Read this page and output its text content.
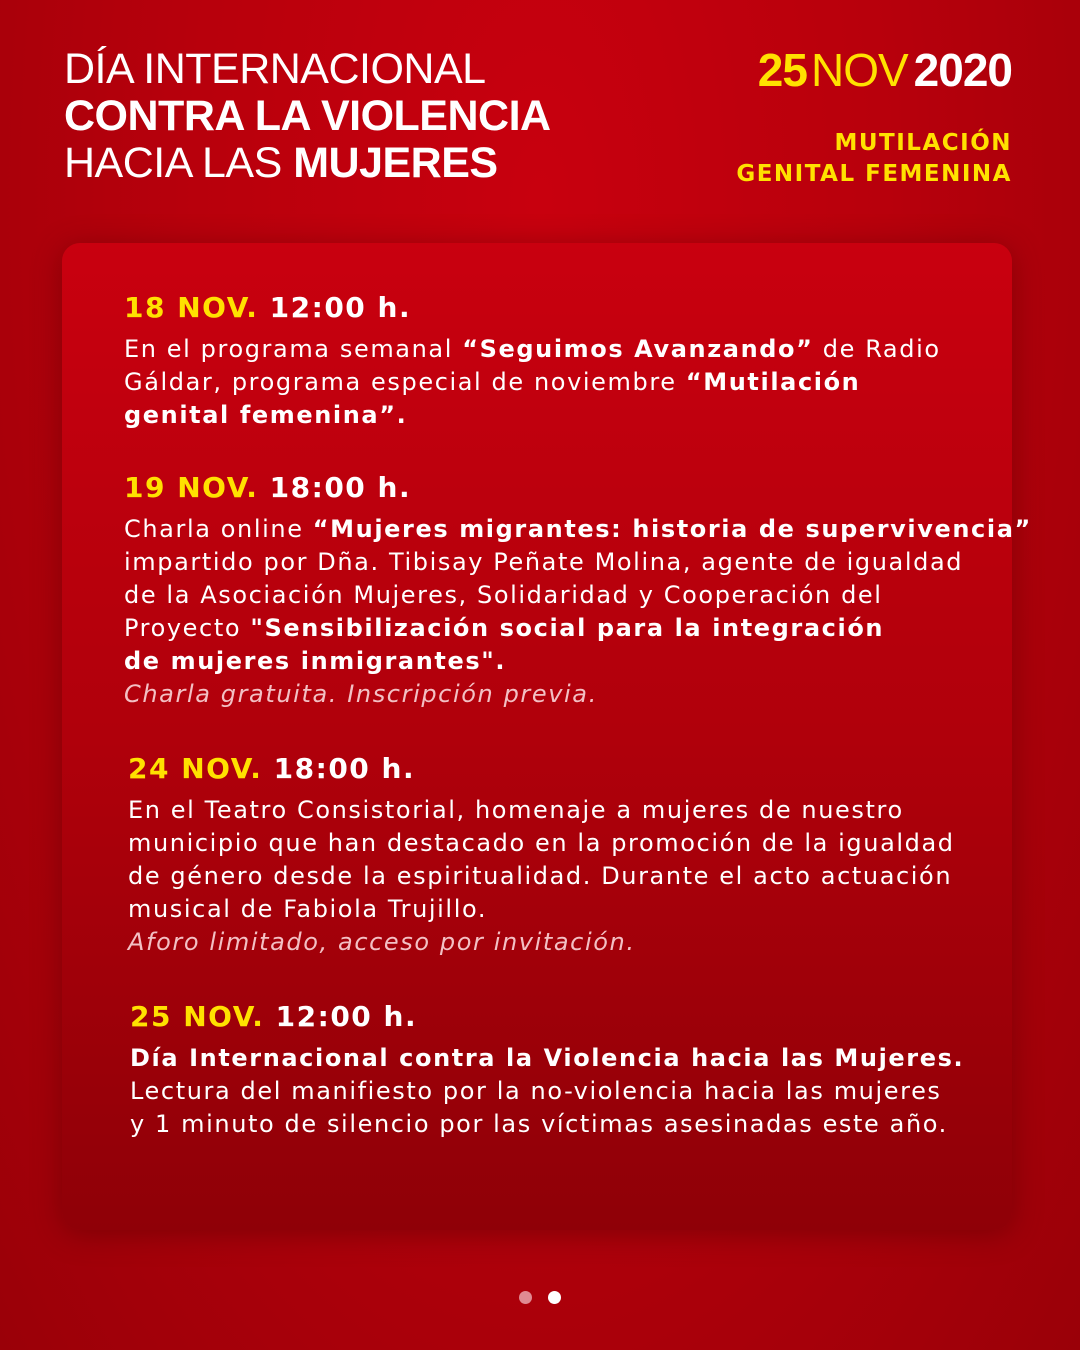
DÍA INTERNACIONAL
CONTRA LA VIOLENCIA
HACIA LAS MUJERES
25NOV 2020
MUTILACIÓN
GENITAL FEMENINA
18 NOV. 12:00 h.
En el programa semanal “Seguimos Avanzando” de Radio
Gáldar, programa especial de noviembre “Mutilación
genital femenina”.
19 NOV. 18:00 h.
Charla online “Mujeres migrantes: historia de supervivencia”
impartido por Dña. Tibisay Peñate Molina, agente de igualdad
de la Asociación Mujeres, Solidaridad y Cooperación del
Proyecto "Sensibilización social para la integración
de mujeres inmigrantes".
Charla gratuita. Inscripción previa.
24 NOV. 18:00 h.
En el Teatro Consistorial, homenaje a mujeres de nuestro
municipio que han destacado en la promoción de la igualdad
de género desde la espiritualidad. Durante el acto actuación
musical de Fabiola Trujillo.
Aforo limitado, acceso por invitación.
25 NOV. 12:00 h.
Día Internacional contra la Violencia hacia las Mujeres.
Lectura del manifiesto por la no-violencia hacia las mujeres
y 1 minuto de silencio por las víctimas asesinadas este año.
